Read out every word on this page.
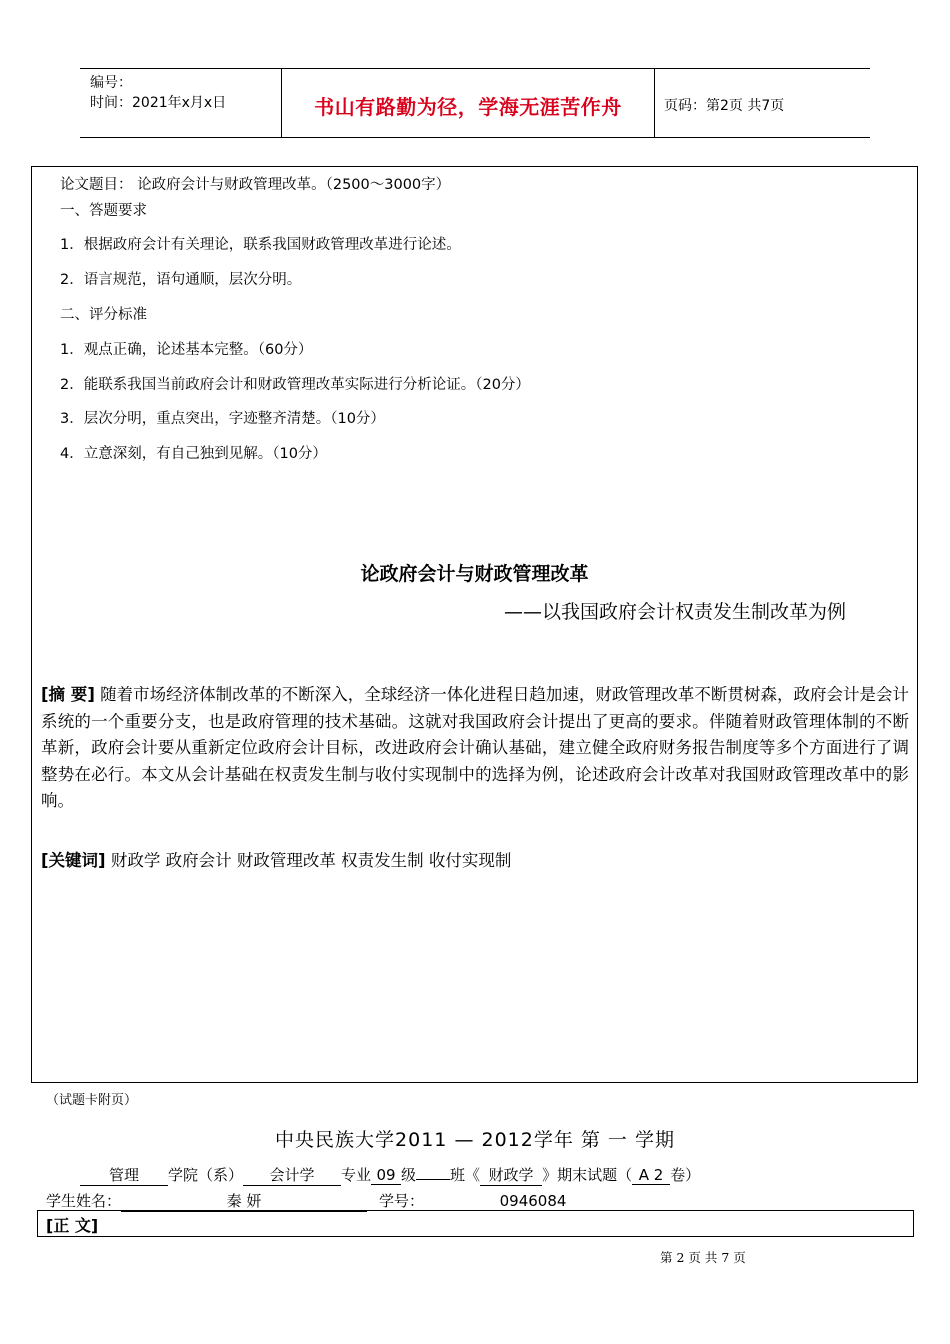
编号：
时间：2021年x月x日	书山有路勤为径，学海无涯苦作舟	页码：第2页 共7页
论文题目： 论政府会计与财政管理改革。（2500～3000字）
一、答题要求
1．根据政府会计有关理论，联系我国财政管理改革进行论述。
2．语言规范，语句通顺，层次分明。
二、评分标准
1．观点正确，论述基本完整。（60分）
2．能联系我国当前政府会计和财政管理改革实际进行分析论证。（20分）
3．层次分明，重点突出，字迹整齐清楚。（10分）
4．立意深刻，有自己独到见解。（10分）
论政府会计与财政管理改革
——以我国政府会计权责发生制改革为例
[摘 要] 随着市场经济体制改革的不断深入，全球经济一体化进程日趋加速，财政管理改革不断贯树森，政府会计是会计系统的一个重要分支，也是政府管理的技术基础。这就对我国政府会计提出了更高的要求。伴随着财政管理体制的不断革新，政府会计要从重新定位政府会计目标，改进政府会计确认基础，建立健全政府财务报告制度等多个方面进行了调整势在必行。本文从会计基础在权责发生制与收付实现制中的选择为例，论述政府会计改革对我国财政管理改革中的影响。
[关键词] 财政学 政府会计 财政管理改革 权责发生制 收付实现制
（试题卡附页）
中央民族大学2011 — 2012学年 第 一 学期
管理 学院（系） 会计学 专业 09 级 班《 财政学 》期末试题（ A 2 卷）
学生姓名：	秦 妍	学号：	0946084
[正 文]
第 2 页 共 7 页
